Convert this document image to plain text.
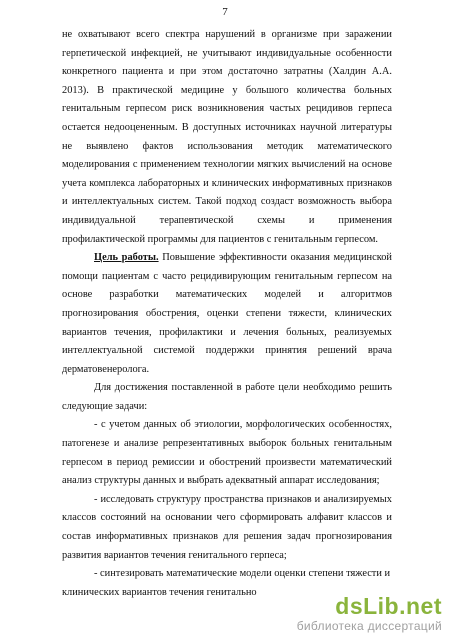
7

не охватывают всего спектра нарушений в организме при заражении герпетической инфекцией, не учитывают индивидуальные особенности конкретного пациента и при этом достаточно затратны (Халдин А.А. 2013). В практической медицине у большого количества больных генитальным герпесом риск возникновения частых рецидивов герпеса остается недооцененным. В доступных источниках научной литературы не выявлено фактов использования методик математического моделирования с применением технологии мягких вычислений на основе учета комплекса лабораторных и клинических информативных признаков и интеллектуальных систем. Такой подход создаст возможность выбора индивидуальной терапевтической схемы и применения профилактической программы для пациентов с генитальным герпесом.

Цель работы. Повышение эффективности оказания медицинской помощи пациентам с часто рецидивирующим генитальным герпесом на основе разработки математических моделей и алгоритмов прогнозирования обострения, оценки степени тяжести, клинических вариантов течения, профилактики и лечения больных, реализуемых интеллектуальной системой поддержки принятия решений врача дерматовенеролога.

Для достижения поставленной в работе цели необходимо решить следующие задачи:

- с учетом данных об этиологии, морфологических особенностях, патогенезе и анализе репрезентативных выборок больных генитальным герпесом в период ремиссии и обострений произвести математический анализ структуры данных и выбрать адекватный аппарат исследования;

- исследовать структуру пространства признаков и анализируемых классов состояний на основании чего сформировать алфавит классов и состав информативных признаков для решения задач прогнозирования развития вариантов течения генитального герпеса;

- синтезировать математические модели оценки степени тяжести и

клинических вариантов течения генитально

dsLib.net
библиотека диссертаций
